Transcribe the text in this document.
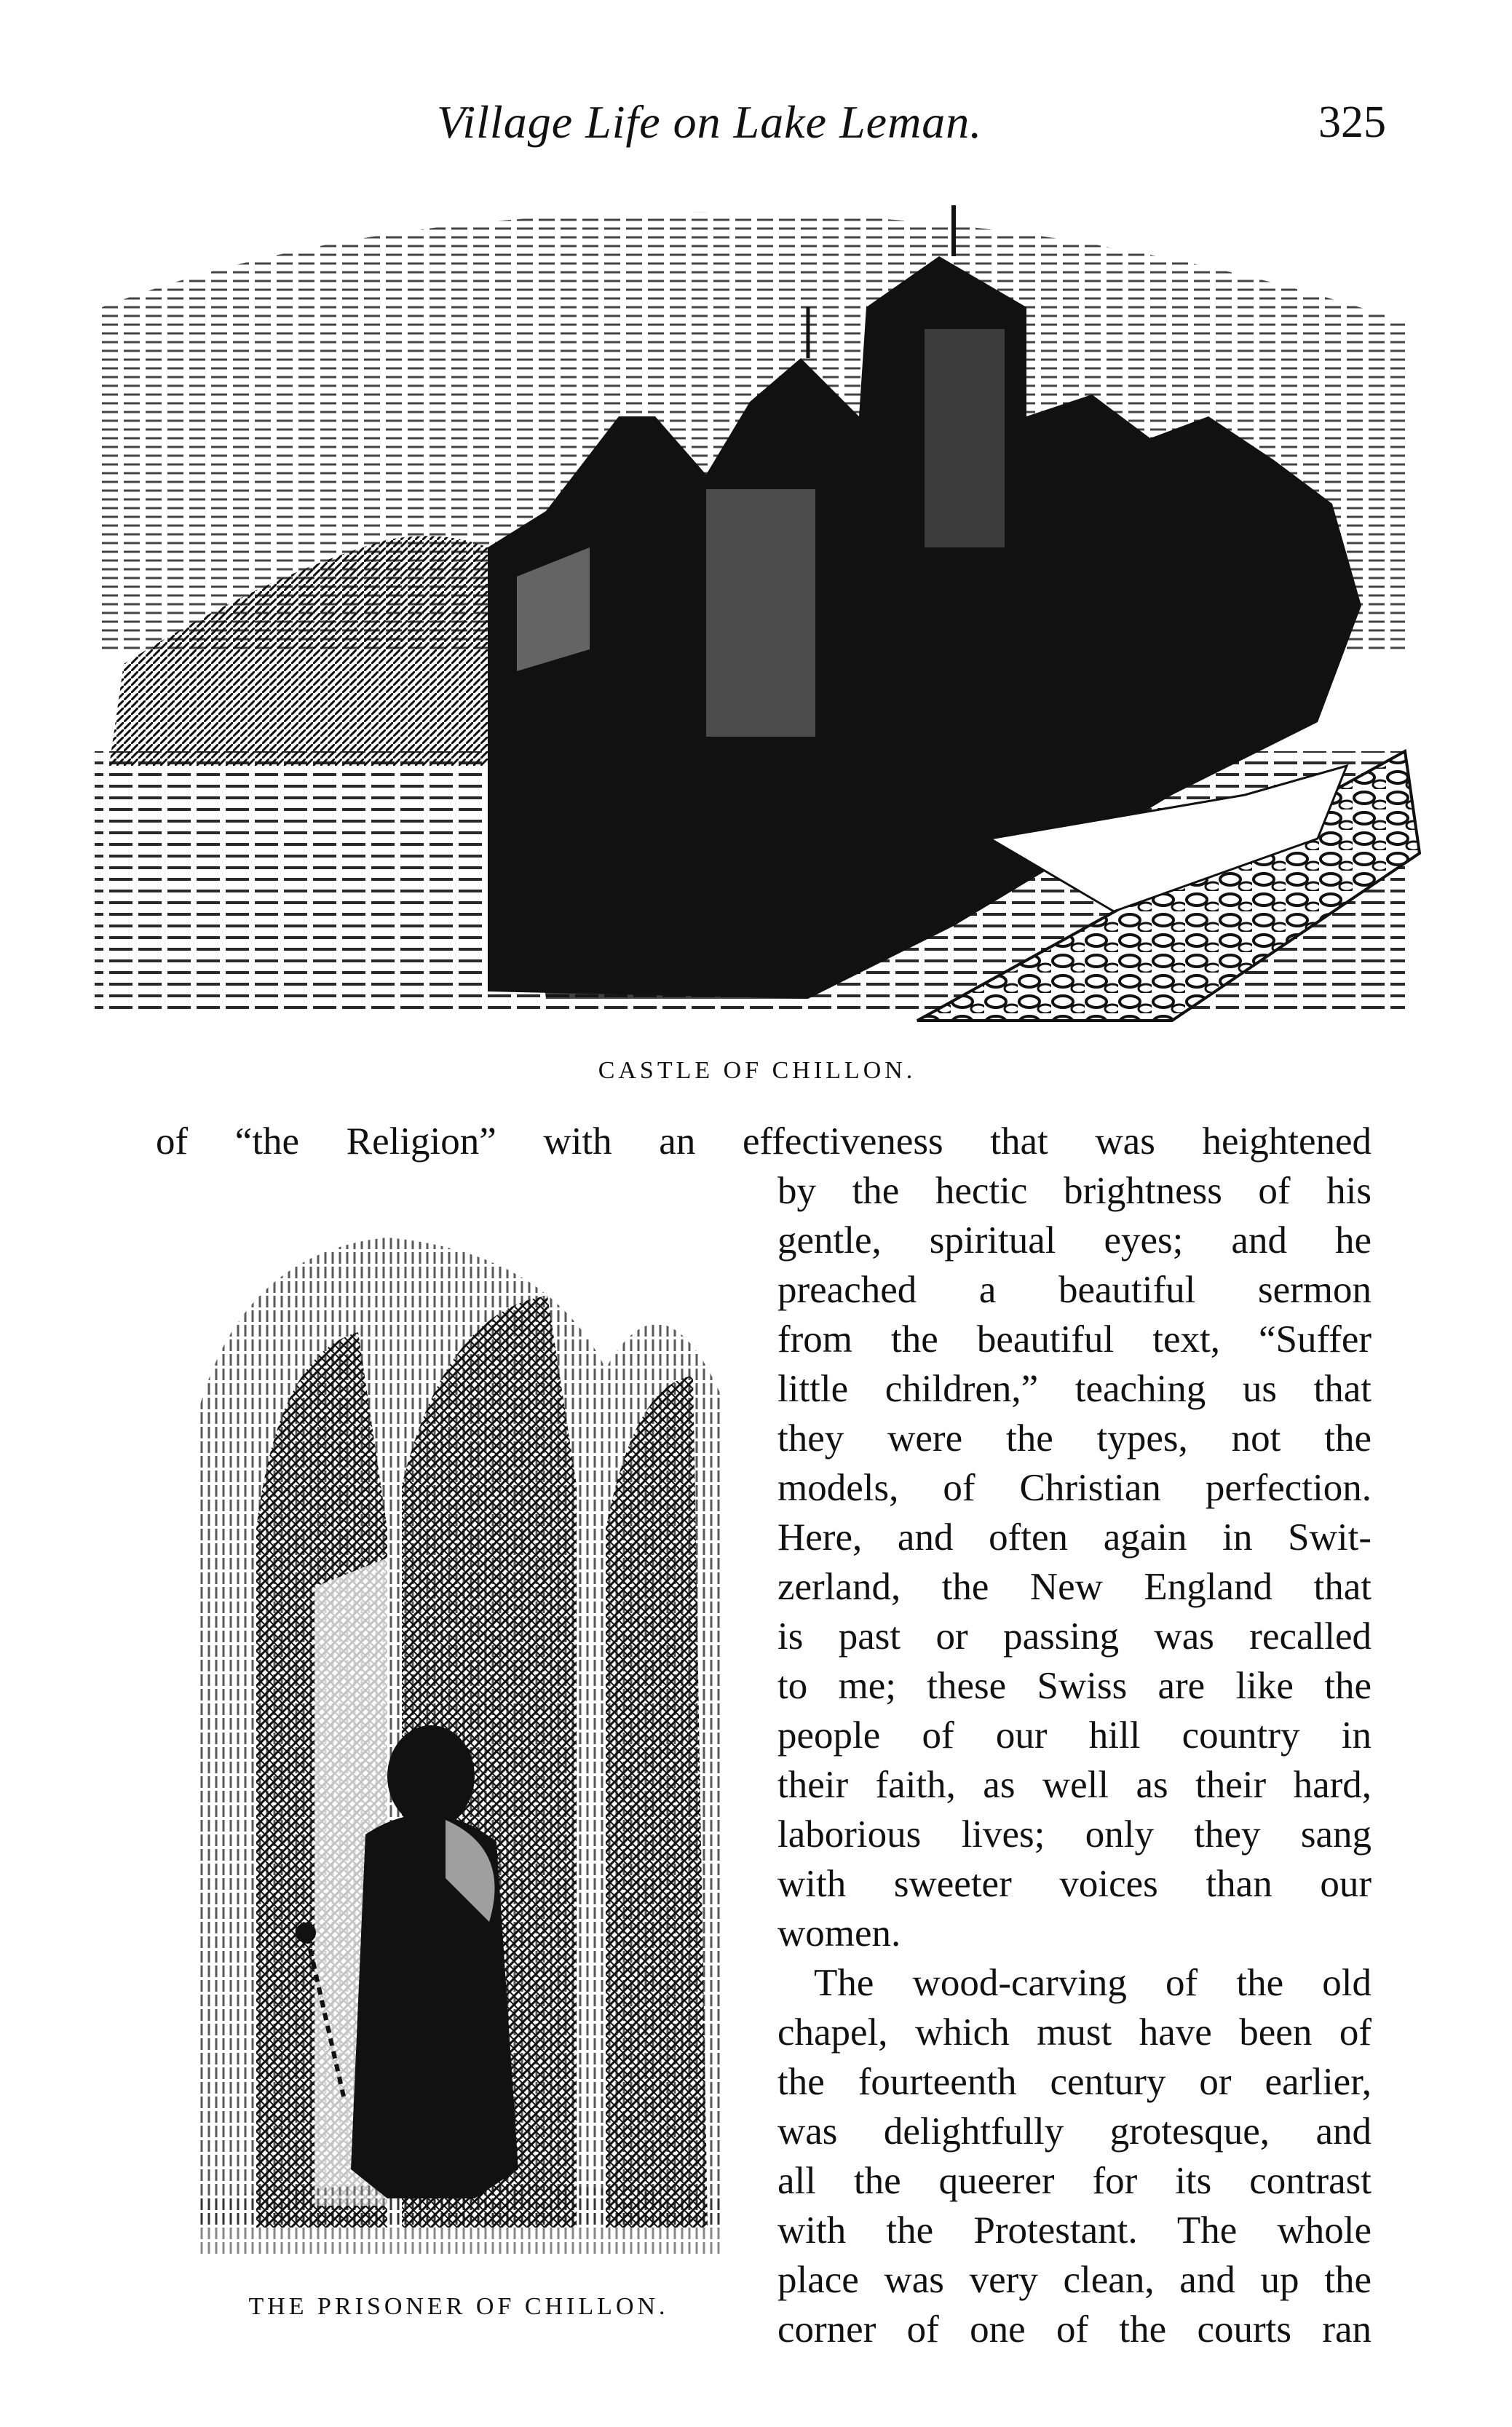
Village Life on Lake Leman.	325
CASTLE OF CHILLON.
THE PRISONER OF CHILLON.
of “the Religion” with an effectiveness that was heightened
by the hectic brightness of his
gentle, spiritual eyes; and he
preached a beautiful sermon
from the beautiful text, “Suffer
little children,” teaching us that
they were the types, not the
models, of Christian perfection.
Here, and often again in Swit-
zerland, the New England that
is past or passing was recalled
to me; these Swiss are like the
people of our hill country in
their faith, as well as their hard,
laborious lives; only they sang
with sweeter voices than our
women.
The wood-carving of the old
chapel, which must have been of
the fourteenth century or earlier,
was delightfully grotesque, and
all the queerer for its contrast
with the Protestant. The whole
place was very clean, and up the
corner of one of the courts ran
